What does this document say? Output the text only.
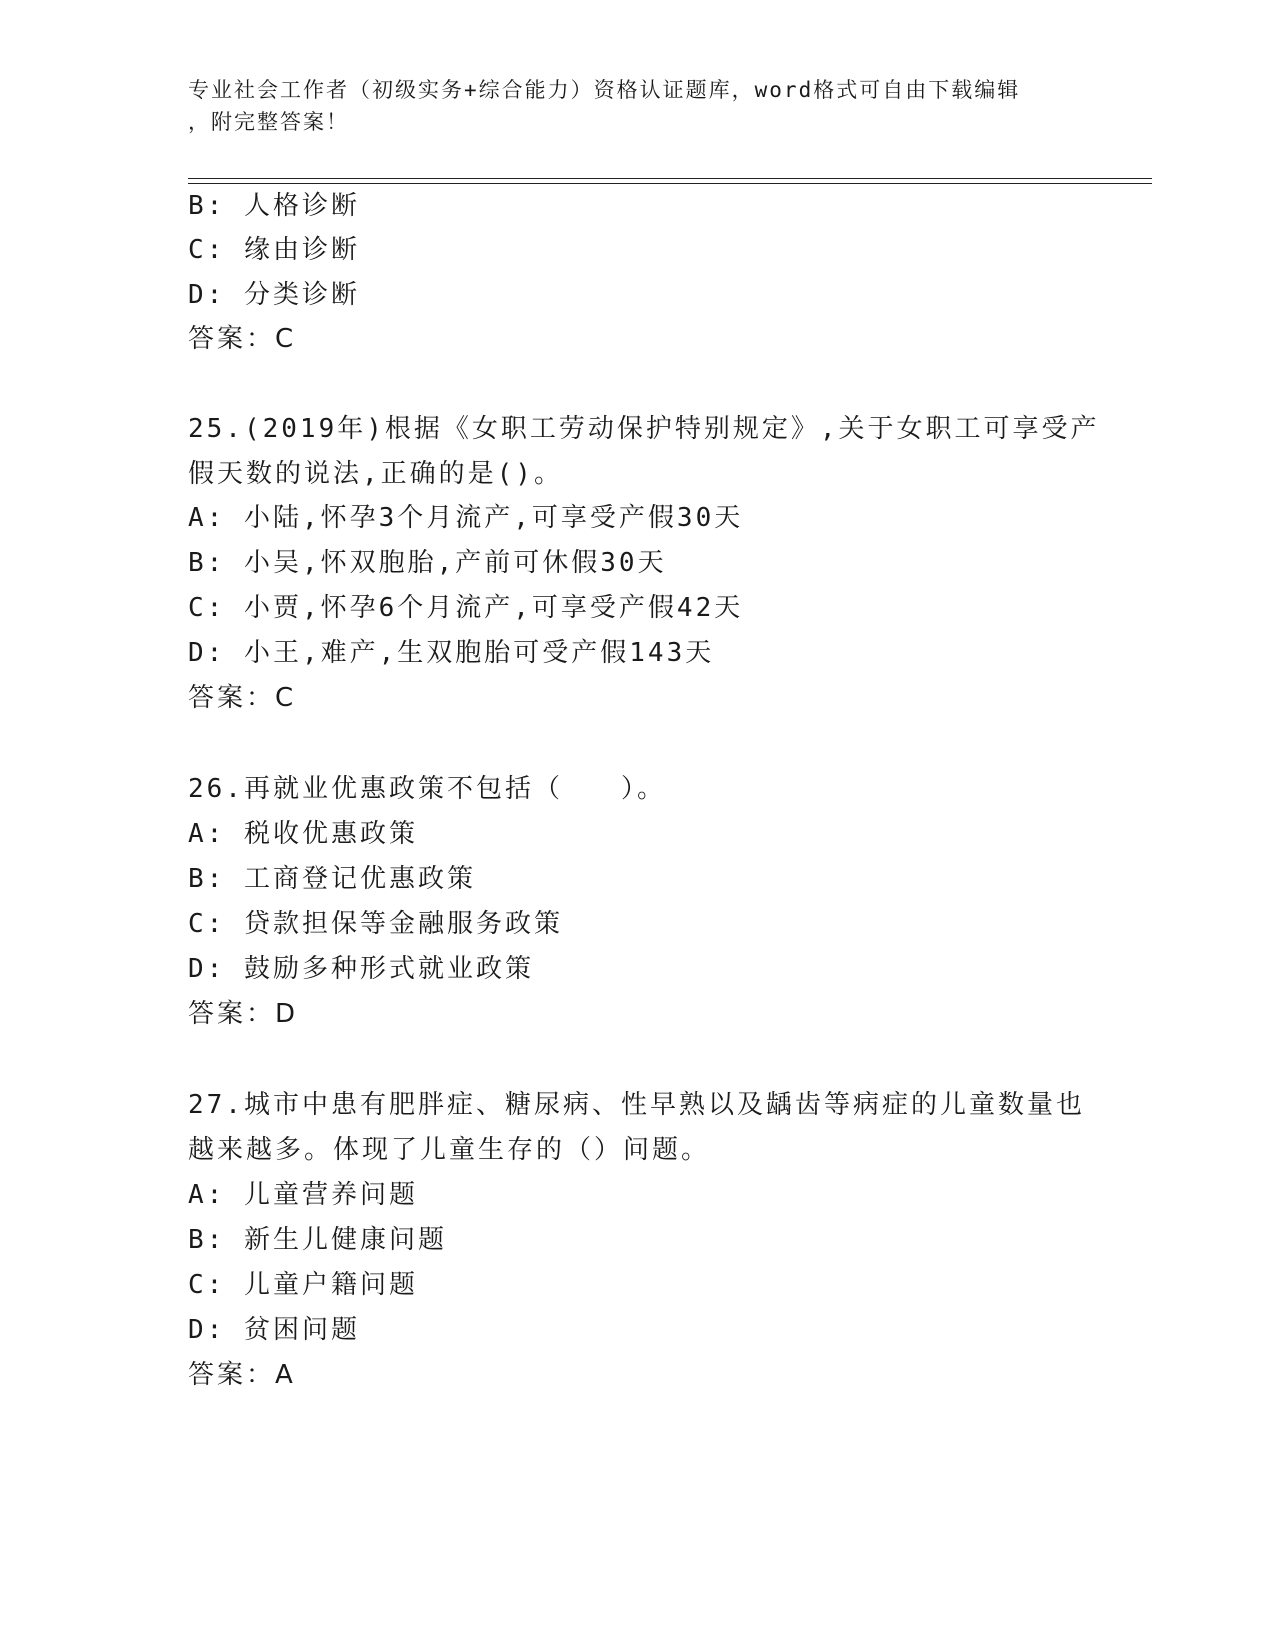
专业社会工作者（初级实务+综合能力）资格认证题库，word格式可自由下载编辑
，附完整答案！
B: 人格诊断
C: 缘由诊断
D: 分类诊断
答案：C
25.(2019年)根据《女职工劳动保护特别规定》,关于女职工可享受产
假天数的说法,正确的是()。
A: 小陆,怀孕3个月流产,可享受产假30天
B: 小吴,怀双胞胎,产前可休假30天
C: 小贾,怀孕6个月流产,可享受产假42天
D: 小王,难产,生双胞胎可受产假143天
答案：C
26.再就业优惠政策不包括（　　）。
A: 税收优惠政策
B: 工商登记优惠政策
C: 贷款担保等金融服务政策
D: 鼓励多种形式就业政策
答案：D
27.城市中患有肥胖症、糖尿病、性早熟以及龋齿等病症的儿童数量也
越来越多。体现了儿童生存的（）问题。
A: 儿童营养问题
B: 新生儿健康问题
C: 儿童户籍问题
D: 贫困问题
答案：A
